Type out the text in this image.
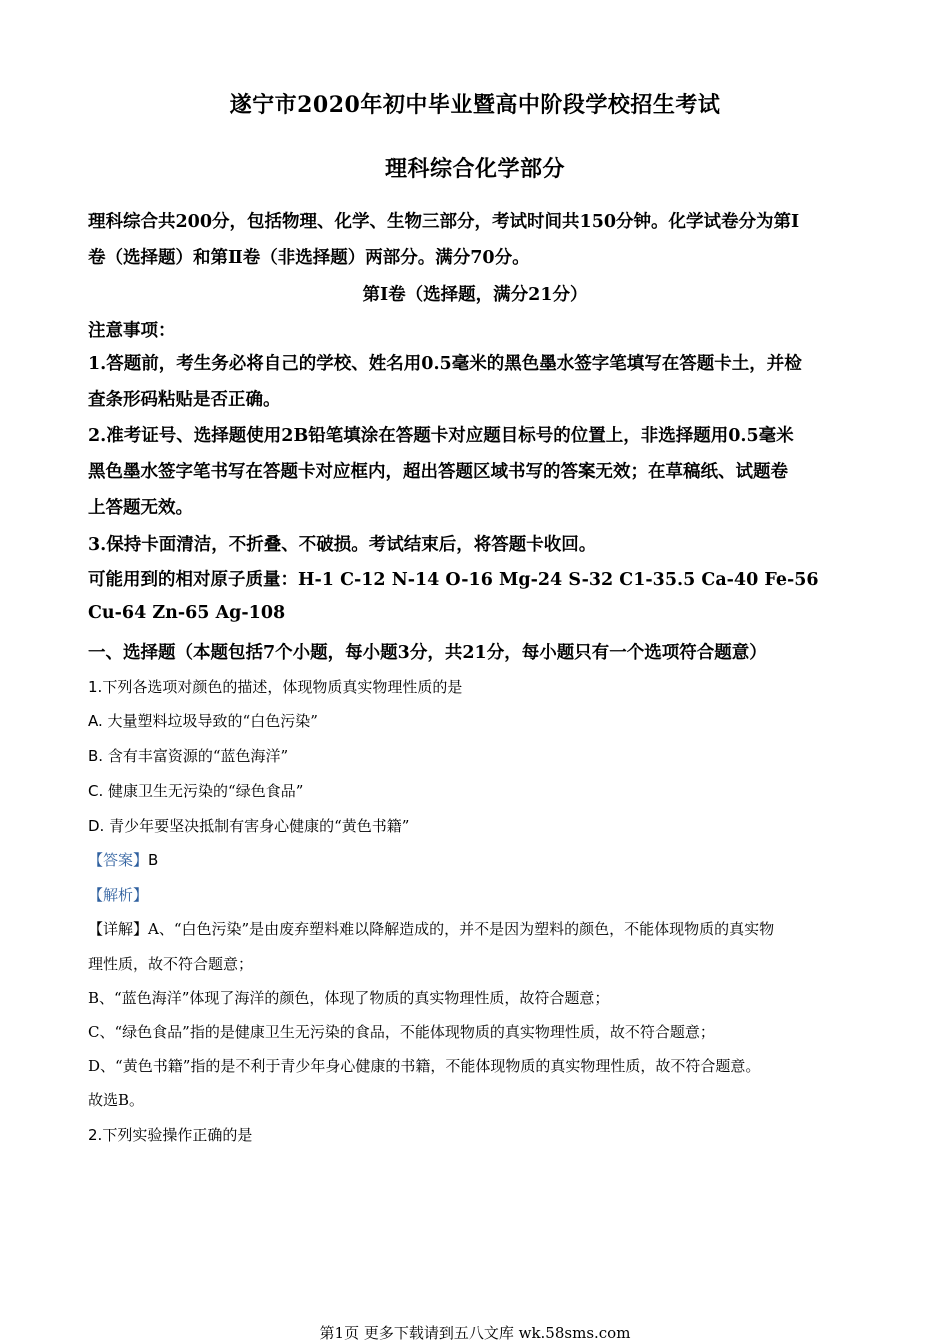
遂宁市2020年初中毕业暨高中阶段学校招生考试
理科综合化学部分
理科综合共200分，包括物理、化学、生物三部分，考试时间共150分钟。化学试卷分为第I
卷（选择题）和第Ⅱ卷（非选择题）两部分。满分70分。
第I卷（选择题，满分21分）
注意事项：
1.答题前，考生务必将自己的学校、姓名用0.5毫米的黑色墨水签字笔填写在答题卡土，并检
查条形码粘贴是否正确。
2.准考证号、选择题使用2B铅笔填涂在答题卡对应题目标号的位置上，非选择题用0.5毫米
黑色墨水签字笔书写在答题卡对应框内，超出答题区域书写的答案无效；在草稿纸、试题卷
上答题无效。
3.保持卡面清洁，不折叠、不破损。考试结束后，将答题卡收回。
可能用到的相对原子质量：H-1 C-12 N-14 O-16 Mg-24 S-32 C1-35.5 Ca-40 Fe-56
Cu-64 Zn-65 Ag-108
一、选择题（本题包括7个小题，每小题3分，共21分，每小题只有一个选项符合题意）
1.下列各选项对颜色的描述，体现物质真实物理性质的是
A. 大量塑料垃圾导致的“白色污染”
B. 含有丰富资源的“蓝色海洋”
C. 健康卫生无污染的“绿色食品”
D. 青少年要坚决抵制有害身心健康的“黄色书籍”
【答案】B
【解析】
【详解】A、“白色污染”是由废弃塑料难以降解造成的，并不是因为塑料的颜色，不能体现物质的真实物
理性质，故不符合题意；
B、“蓝色海洋”体现了海洋的颜色，体现了物质的真实物理性质，故符合题意；
C、“绿色食品”指的是健康卫生无污染的食品，不能体现物质的真实物理性质，故不符合题意；
D、“黄色书籍”指的是不利于青少年身心健康的书籍，不能体现物质的真实物理性质，故不符合题意。
故选B。
2.下列实验操作正确的是
第1页 更多下载请到五八文库 wk.58sms.com
